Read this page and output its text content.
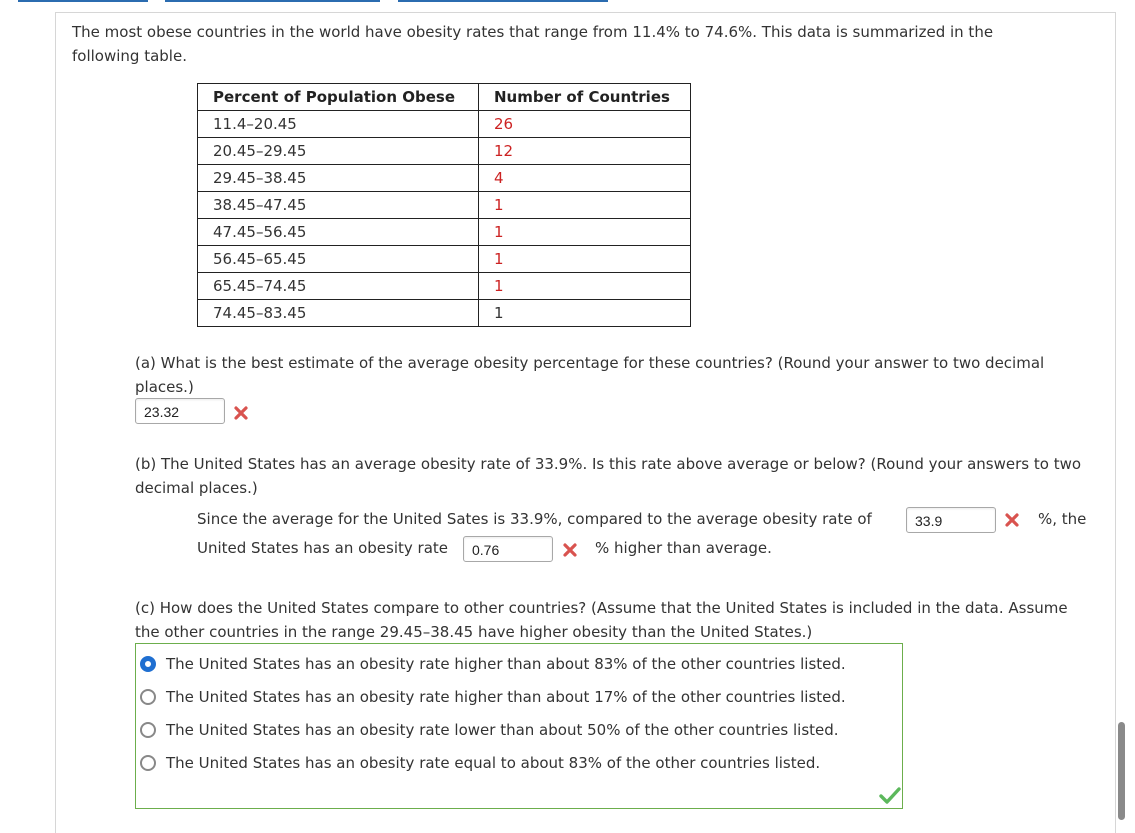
The most obese countries in the world have obesity rates that range from 11.4% to 74.6%. This data is summarized in the following table.

Percent of Population Obese	Number of Countries
11.4–20.45	26
20.45–29.45	12
29.45–38.45	4
38.45–47.45	1
47.45–56.45	1
56.45–65.45	1
65.45–74.45	1
74.45–83.45	1

(a) What is the best estimate of the average obesity percentage for these countries? (Round your answer to two decimal places.)

23.32

(b) The United States has an average obesity rate of 33.9%. Is this rate above average or below? (Round your answers to two decimal places.)

Since the average for the United Sates is 33.9%, compared to the average obesity rate of	33.9	%, the
United States has an obesity rate	0.76	% higher than average.

(c) How does the United States compare to other countries? (Assume that the United States is included in the data. Assume the other countries in the range 29.45–38.45 have higher obesity than the United States.)

The United States has an obesity rate higher than about 83% of the other countries listed.
The United States has an obesity rate higher than about 17% of the other countries listed.
The United States has an obesity rate lower than about 50% of the other countries listed.
The United States has an obesity rate equal to about 83% of the other countries listed.
